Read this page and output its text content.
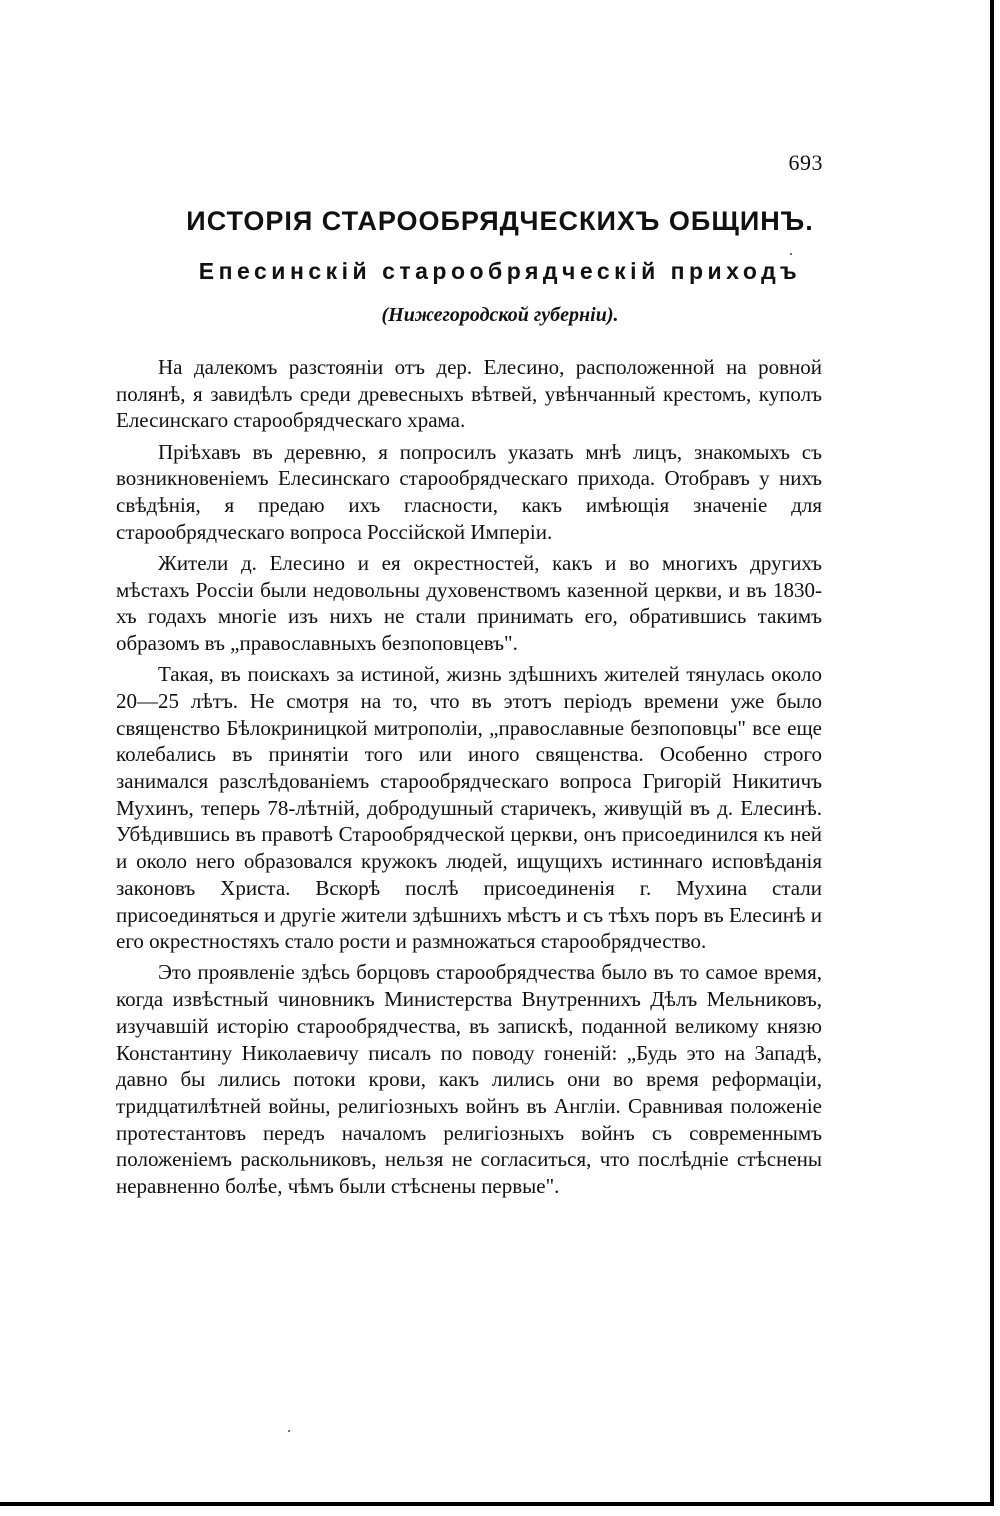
693
ИСТОРІЯ СТАРООБРЯДЧЕСКИХЪ ОБЩИНЪ.
Епесинскій старообрядческій приходъ
(Нижегородской губерніи).

На далекомъ разстояніи отъ дер. Елесино, расположенной на ровной полянѣ, я завидѣлъ среди древесныхъ вѣтвей, увѣнчанный крестомъ, куполъ Елесинскаго старообрядческаго храма.

Пріѣхавъ въ деревню, я попросилъ указать мнѣ лицъ, знакомыхъ съ возникновеніемъ Елесинскаго старообрядческаго прихода. Отобравъ у нихъ свѣдѣнія, я предаю ихъ гласности, какъ имѣющія значеніе для старообрядческаго вопроса Россійской Имперіи.

Жители д. Елесино и ея окрестностей, какъ и во многихъ другихъ мѣстахъ Россіи были недовольны духовенствомъ казенной церкви, и въ 1830-хъ годахъ многіе изъ нихъ не стали принимать его, обратившись такимъ образомъ въ „православныхъ безпоповцевъ".

Такая, въ поискахъ за истиной, жизнь здѣшнихъ жителей тянулась около 20—25 лѣтъ. Не смотря на то, что въ этотъ періодъ времени уже было священство Бѣлокриницкой митрополіи, „православные безпоповцы" все еще колебались въ принятіи того или иного священства. Особенно строго занимался разслѣдованіемъ старообрядческаго вопроса Григорій Никитичъ Мухинъ, теперь 78-лѣтній, добродушный старичекъ, живущій въ д. Елесинѣ. Убѣдившись въ правотѣ Старообрядческой церкви, онъ присоединился къ ней и около него образовался кружокъ людей, ищущихъ истиннаго исповѣданія законовъ Христа. Вскорѣ послѣ присоединенія г. Мухина стали присоединяться и другіе жители здѣшнихъ мѣстъ и съ тѣхъ поръ въ Елесинѣ и его окрестностяхъ стало рости и размножаться старообрядчество.

Это проявленіе здѣсь борцовъ старообрядчества было въ то самое время, когда извѣстный чиновникъ Министерства Внутреннихъ Дѣлъ Мельниковъ, изучавшій исторію старообрядчества, въ запискѣ, поданной великому князю Константину Николаевичу писалъ по поводу гоненій: „Будь это на Западѣ, давно бы лились потоки крови, какъ лились они во время реформаціи, тридцатилѣтней войны, религіозныхъ войнъ въ Англіи. Сравнивая положеніе протестантовъ передъ началомъ религіозныхъ войнъ съ современнымъ положеніемъ раскольниковъ, нельзя не согласиться, что послѣдніе стѣснены неравненно болѣе, чѣмъ были стѣснены первые".
